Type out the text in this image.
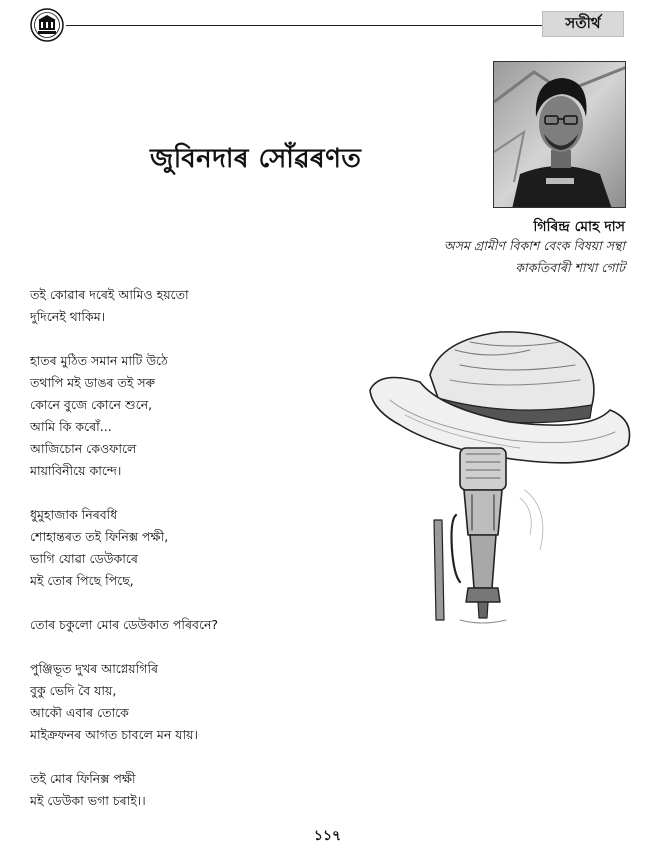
সতীৰ্থ
জুবিনদাৰ সোঁৱৰণত
গিৰিন্দ্ৰ মোহ দাস
অসম গ্ৰামীণ বিকাশ বেংক বিষয়া সন্থা
কাকতিবাৰী শাখা গোট
তই কোৱাৰ দৰেই আমিও হয়তো
দুদিনেই থাকিম।
হাতৰ মুঠিত সমান মাটি উঠে
তথাপি মই ডাঙৰ তই সৰু
কোনে বুজে কোনে শুনে,
আমি কি কৰোঁ...
আজিচোন কেওফালে
মায়াবিনীয়ে কান্দে।
ধুমুহাজাক নিৰবধি
শোহান্তৰত তই ফিনিক্স পক্ষী,
ভাগি যোৱা ডেউকাৰে
মই তোৰ পিছে পিছে,
তোৰ চকুলো মোৰ ডেউকাত পৰিবনে?
পুঞ্জিভূত দুখৰ আগ্নেয়গিৰি
বুকু ভেদি বৈ যায়,
আকৌ এবাৰ তোকে
মাইক্ৰফনৰ আগত চাবলে মন যায়।
তই মোৰ ফিনিক্স পক্ষী
মই ডেউকা ভগা চৰাই।।
১১৭
